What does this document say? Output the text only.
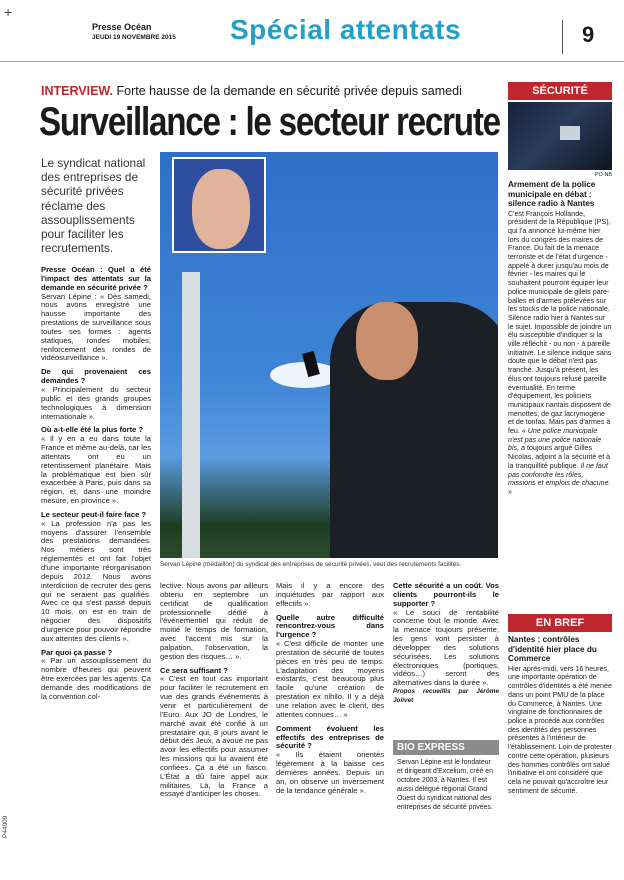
+
Presse Océan
JEUDI 19 NOVEMBRE 2015 Spécial attentats	9
INTERVIEW. Forte hausse de la demande en sécurité privée depuis samedi
Surveillance : le secteur recrute
Le syndicat national des entreprises de sécurité privées réclame des assouplissements pour faciliter les recrutements.
Servan Lépine (médaillon) du syndicat des entreprises de sécurité privées, veut des recrutements facilités.

Presse Océan : Quel a été l'impact des attentats sur la demande en sécurité privée ?

Servan Lépine : « Dès samedi, nous avons enregistré une hausse importante des prestations de surveillance sous toutes ses formes : agents statiques, rondes mobiles, renforcement des rondes de vidéosurveillance ».

De qui provenaient ces demandes ?

« Principalement du secteur public et des grands groupes technologiques à dimension internationale ».

Où a-t-elle été la plus forte ?

« Il y en a eu dans toute la France et même au-delà, car les attentats ont eu un retentissement planétaire. Mais la problématique est bien sûr exacerbée à Paris, puis dans sa région, et, dans une moindre mesure, en province ».

Le secteur peut-il faire face ?

« La profession n'a pas les moyens d'assurer l'ensemble des prestations demandées. Nos métiers sont très réglementés et ont fait l'objet d'une importante réorganisation depuis 2012. Nous avons interdiction de recruter des gens qui ne seraient pas qualifiés. Avec ce qui s'est passé depuis 10 mois, on est en train de négocier des dispositifs d'urgence pour pouvoir répondre aux attentes des clients ».

Par quoi ça passe ?

« Par un assouplissement du nombre d'heures qui peuvent être exercées par les agents. Ça demande des modifications de la convention col-

lective. Nous avons par ailleurs obtenu en septembre un certificat de qualification professionnelle dédié à l'événementiel qui réduit de moitié le temps de formation, avec l'accent mis sur la palpation, l'observation, la gestion des risques… ».

Ce sera suffisant ?

« C'est en tout cas important pour faciliter le recrutement en vue des grands événements à venir et particulièrement de l'Euro. Aux JO de Londres, le marché avait été confié à un prestataire qui, 8 jours avant le début des Jeux, a avoué ne pas avoir les effectifs pour assumer les missions qui lui avaient été confiées. Ça a été un fiasco. L'État a dû faire appel aux militaires. Là, la France a essayé d'anticiper les choses.

Mais il y a encore des inquiétudes par rapport aux effectifs ».

Quelle autre difficulté rencontrez-vous dans l'urgence ?

« C'est difficile de monter une prestation de sécurité de toutes pièces en très peu de temps. L'adaptation des moyens existants, c'est beaucoup plus facile qu'une création de prestation ex nihilo. Il y a déjà une relation avec le client, des attentes connues… »

Comment évoluent les effectifs des entreprises de sécurité ?

« Ils étaient orientés légèrement à la baisse ces dernières années. Depuis un an, on observe un inversement de la tendance générale ».

Cette sécurité a un coût. Vos clients pourront-ils le supporter ?

« Le souci de rentabilité concerne tout le monde. Avec la menace toujours présente, les gens vont persister à développer des solutions sécurisées. Les solutions électroniques (portiques, vidéos…) seront des alternatives dans la durée ».

Propos recueillis par Jérôme Jolivet

BIO EXPRESS
Servan Lépine est le fondateur et dirigeant d'Excelium, créé en octobre 2003, à Nantes. Il est aussi délégué régional Grand Ouest du syndicat national des entreprises de sécurité privées.
SÉCURITÉ
PO-NB
Armement de la police municipale en débat : silence radio à Nantes
C'est François Hollande, président de la République (PS), qui l'a annoncé lui-même hier lors du congrès des maires de France. Du fait de la menace terroriste et de l'état d'urgence - appelé à durer jusqu'au mois de février - les maires qui le souhaitent pourront équiper leur police municipale de gilets pare-balles et d'armes prélevées sur les stocks de la police nationale. Silence radio hier à Nantes sur le sujet. Impossible de joindre un élu susceptible d'indiquer si la ville réfléchit - ou non - à pareille initiative. Le silence indique sans doute que le débat n'est pas tranché. Jusqu'à présent, les élus ont toujours refusé pareille éventualité. En terme d'équipement, les policiers municipaux nantais disposent de menottes, de gaz lacrymogène et de tonfas. Mais pas d'armes à feu. « Une police municipale n'est pas une police nationale bis, a toujours argué Gilles Nicolas, adjoint à la sécurité et à la tranquillité publique. Il ne faut pas confondre les rôles, missions et emplois de chacune. »
EN BREF
Nantes : contrôles d'identité hier place du Commerce
Hier après-midi, vers 16 heures, une importante opération de contrôles d'identités a été menée dans un point PMU de la place du Commerce, à Nantes. Une vingtaine de fonctionnaires de police a procédé aux contrôles des identités des personnes présentes à l'intérieur de l'établissement. Loin de protester contre cette opération, plusieurs des hommes contrôlés ont salué l'initiative et ont considéré que cela ne pouvait qu'accroître leur sentiment de sécurité.
P44009
